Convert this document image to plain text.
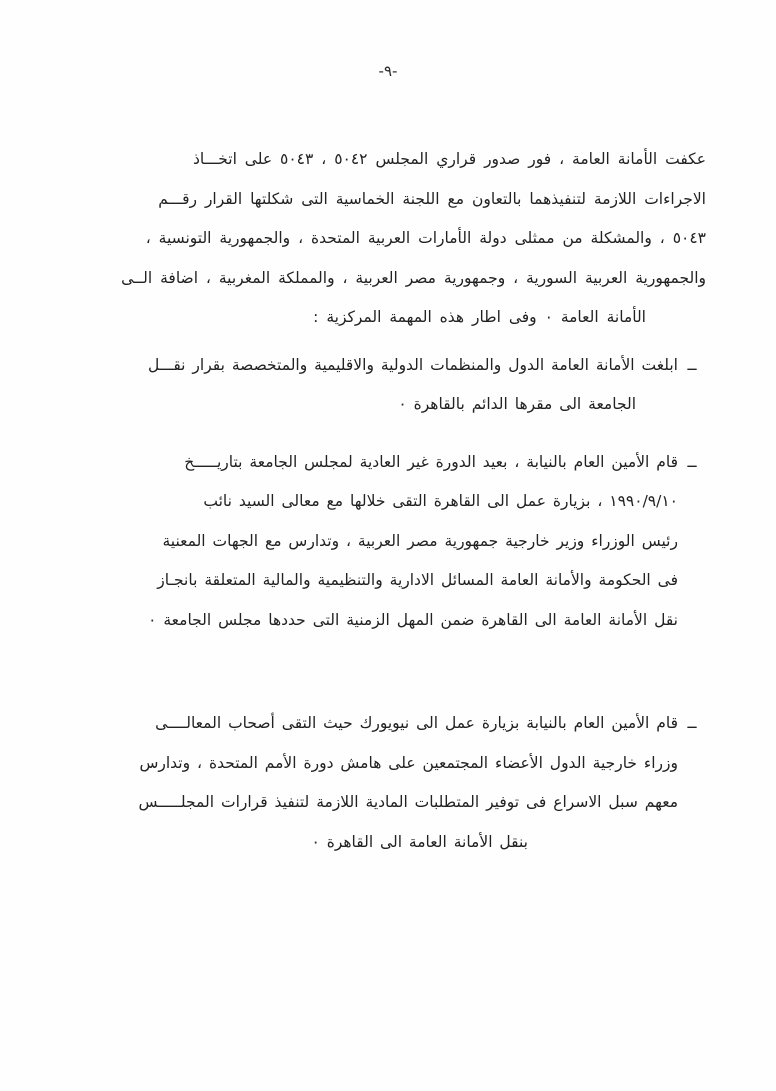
-٩-

عكفت الأمانة العامة ، فور صدور قراري المجلس ٥٠٤٢ ، ٥٠٤٣ على اتخـــاذ
الاجراءات اللازمة لتنفيذهما بالتعاون مع اللجنة الخماسية التى شكلتها القرار رقـــم
٥٠٤٣ ، والمشكلة من ممثلى دولة الأمارات العربية المتحدة ، والجمهورية التونسية ،
والجمهورية العربية السورية ، وجمهورية مصر العربية ، والمملكة المغربية ، اضافة الــى
الأمانة العامة ٠ وفى اطار هذه المهمة المركزية :

ــ
ابلغت الأمانة العامة الدول والمنظمات الدولية والاقليمية والمتخصصة بقرار نقـــل
الجامعة الى مقرها الدائم بالقاهرة ٠
ــ
قام الأمين العام بالنيابة ، بعيد الدورة غير العادية لمجلس الجامعة بتاريـــــخ
١٩٩٠/٩/١٠ ، بزيارة عمل الى القاهرة التقى خلالها مع معالى السيد نائب
رئيس الوزراء وزير خارجية جمهورية مصر العربية ، وتدارس مع الجهات المعنية
فى الحكومة والأمانة العامة المسائل الادارية والتنظيمية والمالية المتعلقة بانجـاز
نقل الأمانة العامة الى القاهرة ضمن المهل الزمنية التى حددها مجلس الجامعة ٠
ــ
قام الأمين العام بالنيابة بزيارة عمل الى نيويورك حيث التقى أصحاب المعالــــى
وزراء خارجية الدول الأعضاء المجتمعين على هامش دورة الأمم المتحدة ، وتدارس
معهم سبل الاسراع فى توفير المتطلبات المادية اللازمة لتنفيذ قرارات المجلـــــس
بنقل الأمانة العامة الى القاهرة ٠
